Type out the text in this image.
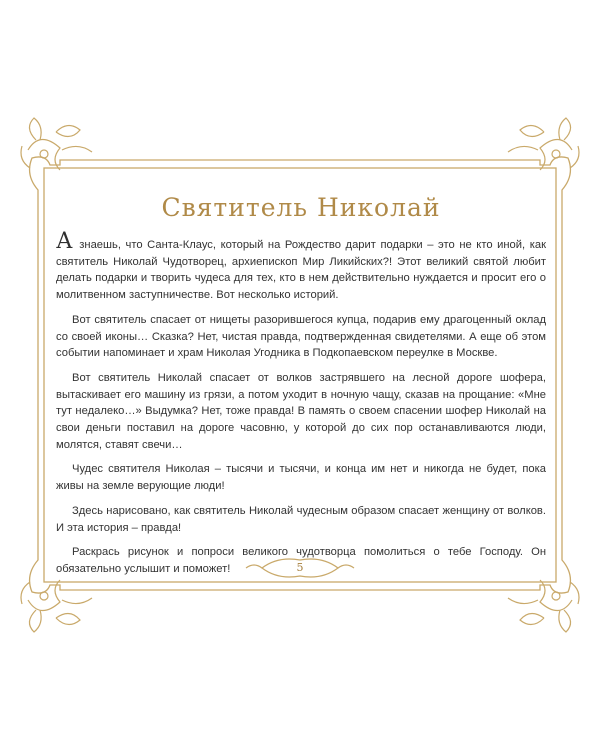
Святитель Николай

А знаешь, что Санта-Клаус, который на Рождество дарит подарки – это не кто иной, как святитель Николай Чудотворец, архиепископ Мир Ликийских?! Этот великий святой любит делать подарки и творить чудеса для тех, кто в нем действительно нуждается и просит его о молитвенном заступничестве. Вот несколько историй.

Вот святитель спасает от нищеты разорившегося купца, подарив ему драгоценный оклад со своей иконы… Сказка? Нет, чистая правда, подтвержденная свидетелями. А еще об этом событии напоминает и храм Николая Угодника в Подкопаевском переулке в Москве.

Вот святитель Николай спасает от волков застрявшего на лесной дороге шофера, вытаскивает его машину из грязи, а потом уходит в ночную чащу, сказав на прощание: «Мне тут недалеко…» Выдумка? Нет, тоже правда! В память о своем спасении шофер Николай на свои деньги поставил на дороге часовню, у которой до сих пор останавливаются люди, молятся, ставят свечи…

Чудес святителя Николая – тысячи и тысячи, и конца им нет и никогда не будет, пока живы на земле верующие люди!

Здесь нарисовано, как святитель Николай чудесным образом спасает женщину от волков. И эта история – правда!

Раскрась рисунок и попроси великого чудотворца помолиться о тебе Господу. Он обязательно услышит и поможет!	5
